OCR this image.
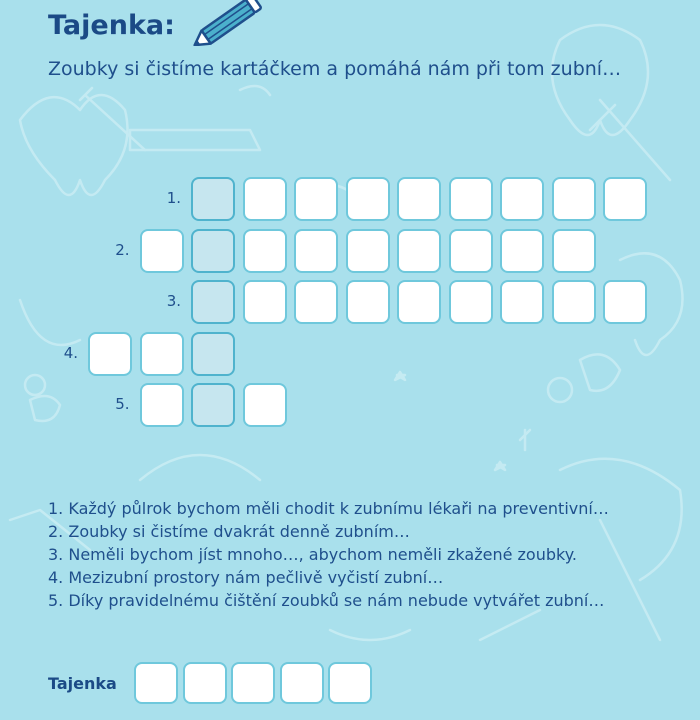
Tajenka:
Zoubky si čistíme kartáčkem a pomáhá nám při tom zubní…
1.
2.
3.
4.
5.
1. Každý půlrok bychom měli chodit k zubnímu lékaři na preventivní…
2. Zoubky si čistíme dvakrát denně zubním…
3. Neměli bychom jíst mnoho…, abychom neměli zkažené zoubky.
4. Mezizubní prostory nám pečlivě vyčistí zubní…
5. Díky pravidelnému čištění zoubků se nám nebude vytvářet zubní…
Tajenka
